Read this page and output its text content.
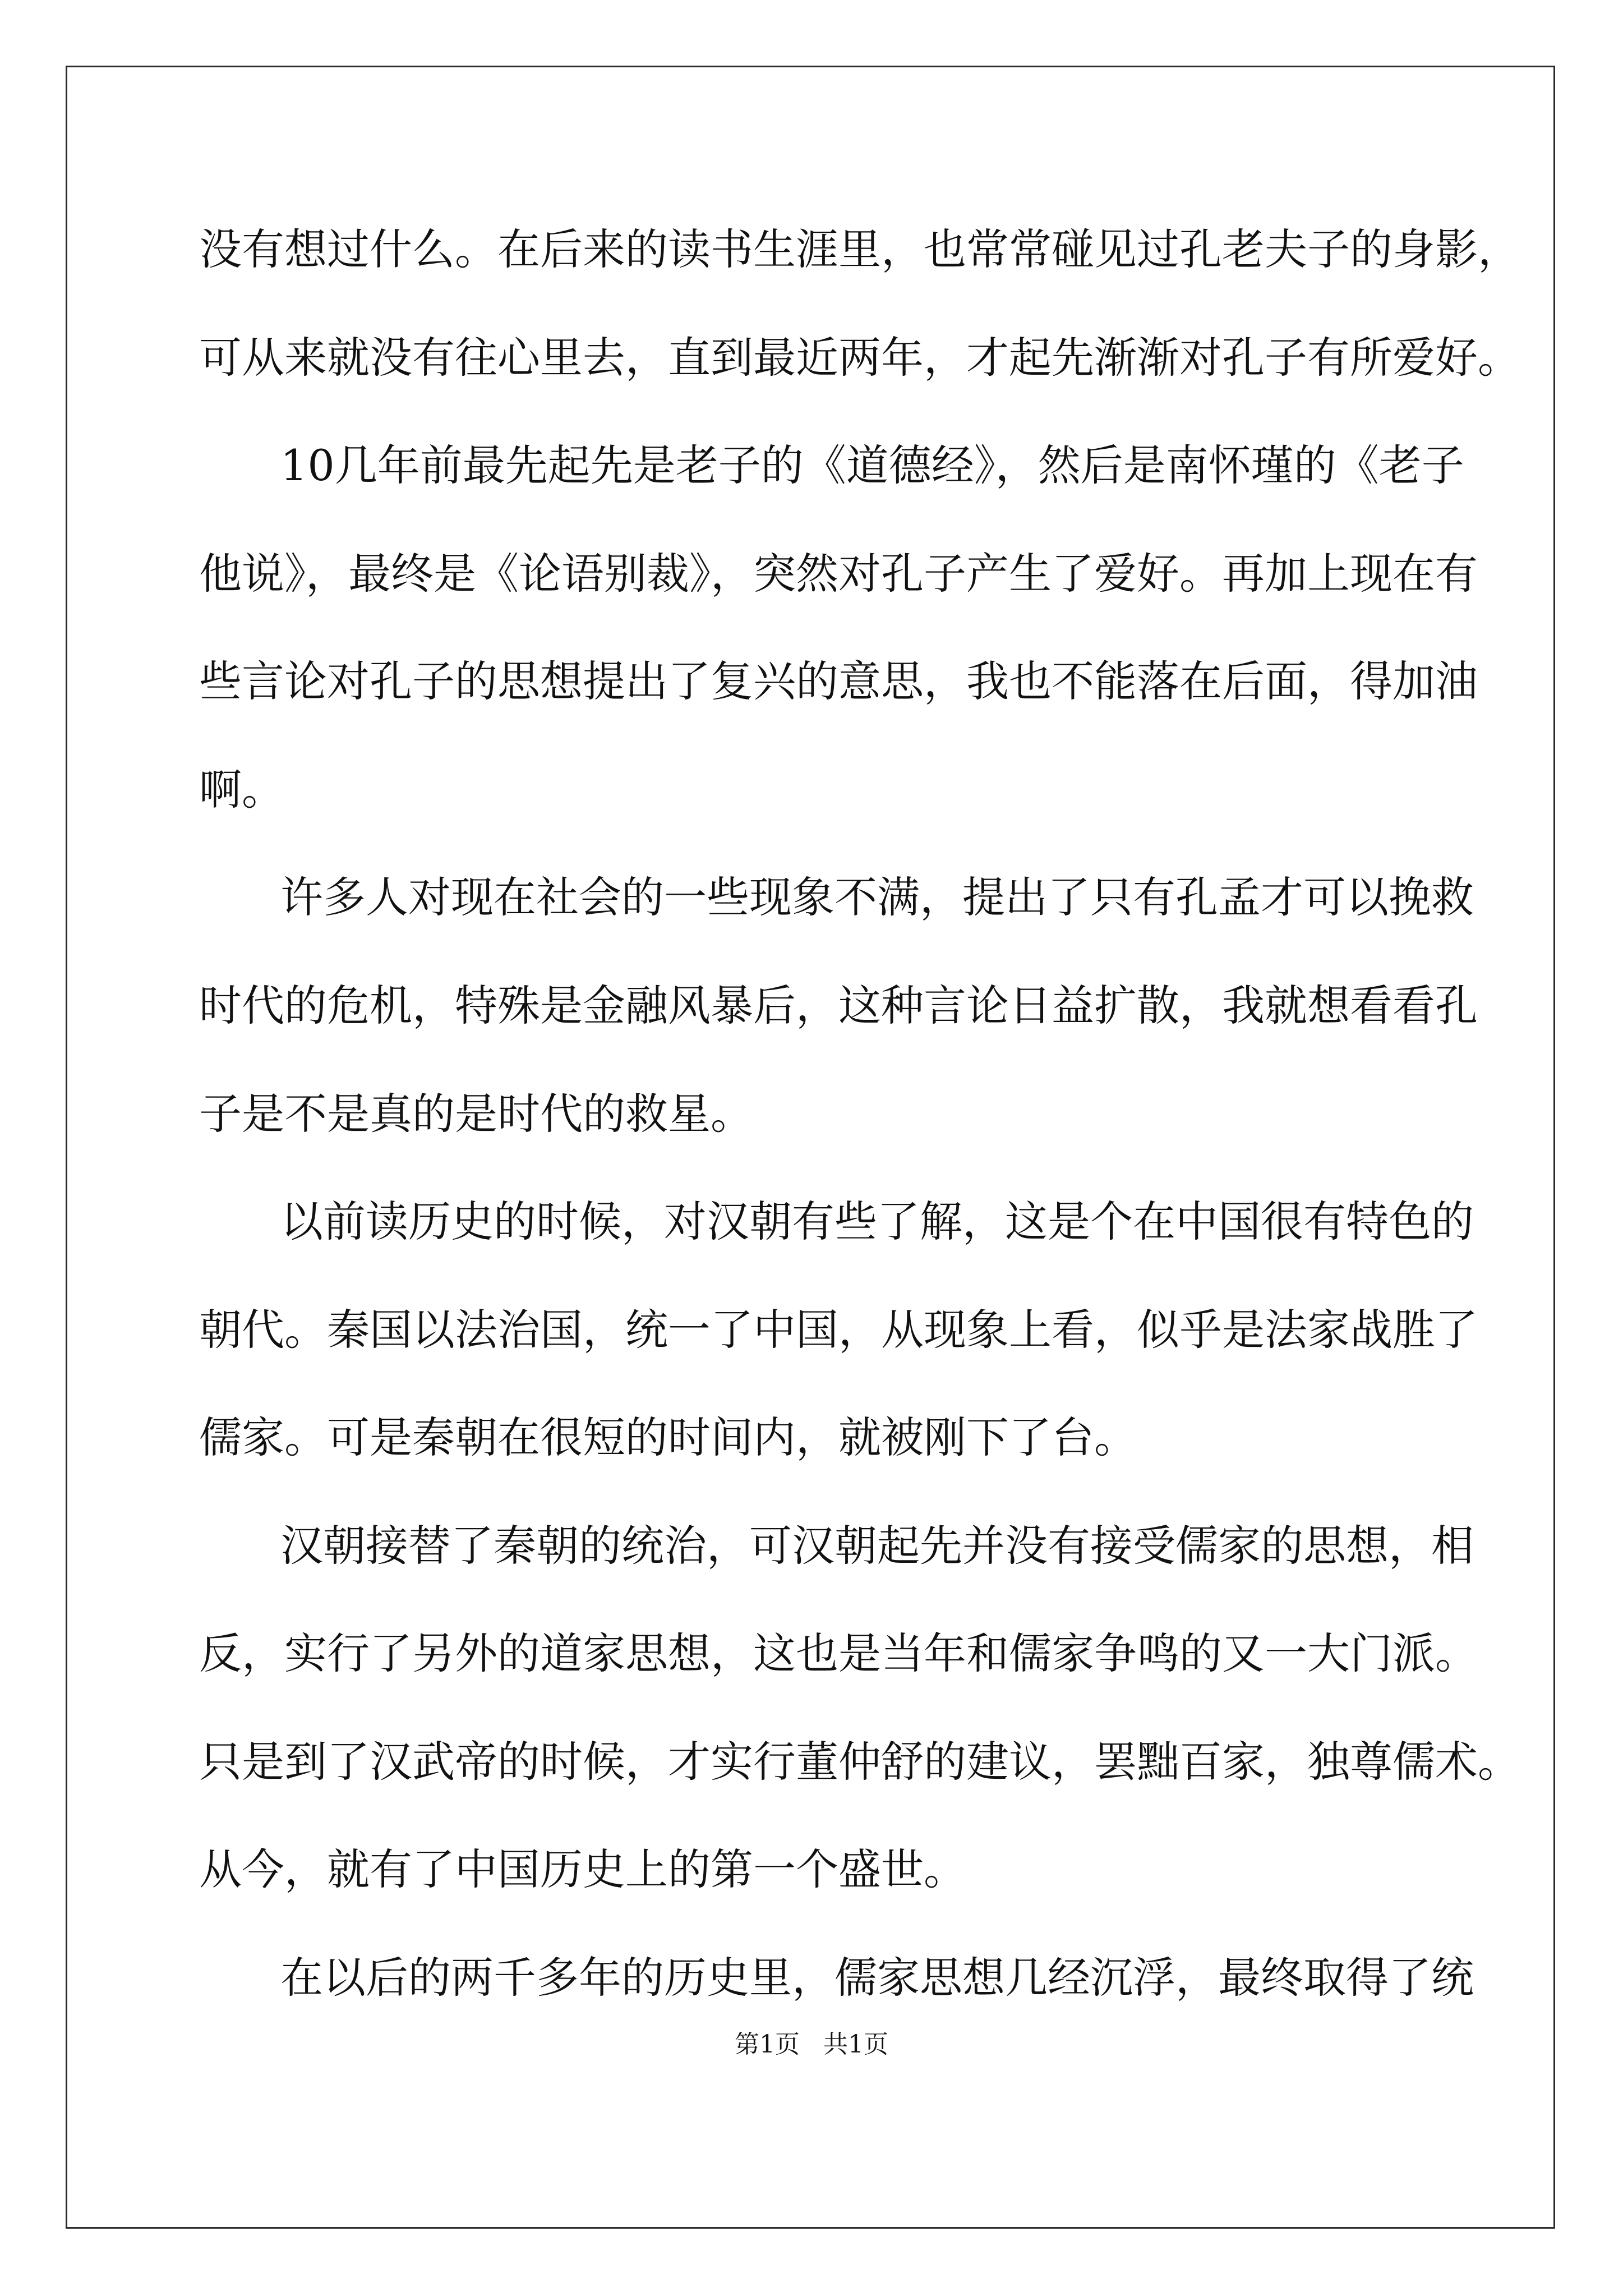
没有想过什么。在后来的读书生涯里，也常常碰见过孔老夫子的身影，
可从来就没有往心里去，直到最近两年，才起先渐渐对孔子有所爱好。
10几年前最先起先是老子的《道德经》，然后是南怀瑾的《老子
他说》，最终是《论语别裁》，突然对孔子产生了爱好。再加上现在有
些言论对孔子的思想提出了复兴的意思，我也不能落在后面，得加油
啊。
许多人对现在社会的一些现象不满，提出了只有孔孟才可以挽救
时代的危机，特殊是金融风暴后，这种言论日益扩散，我就想看看孔
子是不是真的是时代的救星。
以前读历史的时候，对汉朝有些了解，这是个在中国很有特色的
朝代。秦国以法治国，统一了中国，从现象上看，似乎是法家战胜了
儒家。可是秦朝在很短的时间内，就被刚下了台。
汉朝接替了秦朝的统治，可汉朝起先并没有接受儒家的思想，相
反，实行了另外的道家思想，这也是当年和儒家争鸣的又一大门派。
只是到了汉武帝的时候，才实行董仲舒的建议，罢黜百家，独尊儒术。
从今，就有了中国历史上的第一个盛世。
在以后的两千多年的历史里，儒家思想几经沉浮，最终取得了统
第1页   共1页
